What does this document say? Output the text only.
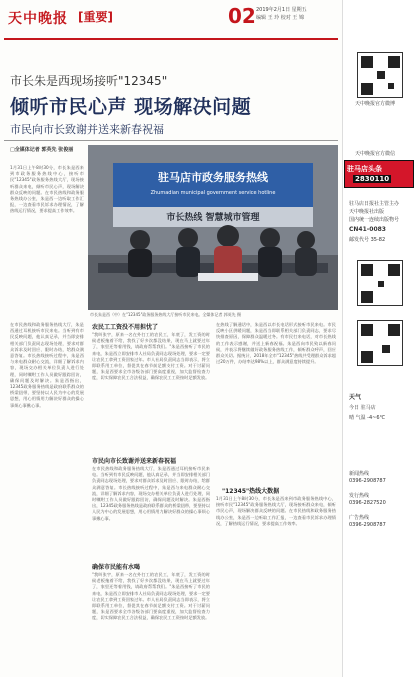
天中晚报 [重要]	02 2019年2月1日 星期五
编辑 王 玲 校对 王 锦
市长朱是西现场接听"12345"
倾听市民心声 现场解决问题
市民向市长致谢并送来新春祝福
□全媒体记者 郭英先 张俊丽
1月31日上午8时30分，市长朱是西来到市政务服务热线中心，接听市民"12345"政务服务热线大厅，现场接听群众来电，倾听市民心声，现场解决群众反映的问题。在市民热线和政务服务热线办公室，朱是西一边听取工作汇报，一边查看市民诉求办理情况，了解热线运行情况，要求提高工作效率。
驻马店市政务服务热线
Zhumadian municipal government service hotline
市长热线 智慧城市管理
市长朱是西（中）在"12345"政务服务热线大厅接听市民来电。全媒体记者 郭英先 摄
在市民热线和政务服务热线大厅，朱是西通过耳机接听市民来电。当听到有市民反映问题，他认真记录，并当即安排相关部门负责同志现场处理，要求对群众诉求及时回应、限时办结，给群众满意答复。市长热线接听过程中，朱是西与来电群众耐心交流，详细了解诉求内容，现场交办相关单位负责人进行处理，同时嘱咐工作人员做好跟踪回访，确保问题及时解决。朱是西指出，12345政务服务热线是政府联系群众的桥梁纽带，要坚持以人民为中心的发展思想，用心用情用力解决好群众的操心事烦心事揪心事。
农民工工资没不用担忧了
"我叫张宇，原来一名在外打工的农民工，年底了，发工资的时候老板拖着不给，我找了好多次都没结果，现在马上就要过年了，家里还等着用钱，请政府帮帮我们。"朱是西接听了市民的来电，朱是西立即安排市人社局负责同志现场处理，要求一定要让农民工拿到工资回家过年。市人社局负责同志当即表示，将立即联系用工单位，督促其在春节前足额支付工资。对于讨薪问题，朱是西要求全市各级各部门要高度重视，加大监督检查力度，切实保障农民工合法权益，确保农民工工资按时足额发放。
市民向市长致谢并送来新春祝福
在市民热线和政务服务热线大厅，朱是西通过耳机接听市民来电。当听到有市民反映问题，他认真记录，并当即安排相关部门负责同志现场处理，要求对群众诉求及时回应、限时办结，给群众满意答复。市长热线接听过程中，朱是西与来电群众耐心交流，详细了解诉求内容，现场交办相关单位负责人进行处理，同时嘱咐工作人员做好跟踪回访，确保问题及时解决。朱是西指出，12345政务服务热线是政府联系群众的桥梁纽带，要坚持以人民为中心的发展思想，用心用情用力解决好群众的操心事烦心事揪心事。
确保市民能有水喝
"我叫张宇，原来一名在外打工的农民工，年底了，发工资的时候老板拖着不给，我找了好多次都没结果，现在马上就要过年了，家里还等着用钱，请政府帮帮我们。"朱是西接听了市民的来电，朱是西立即安排市人社局负责同志现场处理，要求一定要让农民工拿到工资回家过年。市人社局负责同志当即表示，将立即联系用工单位，督促其在春节前足额支付工资。对于讨薪问题，朱是西要求全市各级各部门要高度重视，加大监督检查力度，切实保障农民工合法权益，确保农民工工资按时足额发放。
在热线了解通话中，朱是西以市长电话形式接听市民来电。市民反映小区供暖问题，朱是西当即联系相关部门负责同志，要求尽快排查原因，保障群众温暖过冬。有市民打来电话，对市长热线的工作表示感谢，并送上新春祝福。朱是西向市民致以新春问候，并表示将继续做好政务服务热线工作，倾听群众呼声，回应群众关切。据统计，2018年全市"12345"热线共受理群众诉求超过20万件，办结率达98%以上，群众满意度持续提升。
"12345"热线大数据
1月31日上午8时30分，市长朱是西来到市政务服务热线中心，接听市民"12345"政务服务热线大厅，现场接听群众来电，倾听市民心声，现场解决群众反映的问题。在市民热线和政务服务热线办公室，朱是西一边听取工作汇报，一边查看市民诉求办理情况，了解热线运行情况，要求提高工作效率。
天中晚报官方微博
天中晚报官方微信
驻马店日报社主管主办
天中晚报社出版
国内统一连续出版物号
CN41-0083
邮发代号 35-82
天气
今日 驻马店
晴 气温 -4~6℃
新闻热线
0396-2908787
发行热线
0396-2827520
广告热线
0396-2908787
驻马店头条
2830110
